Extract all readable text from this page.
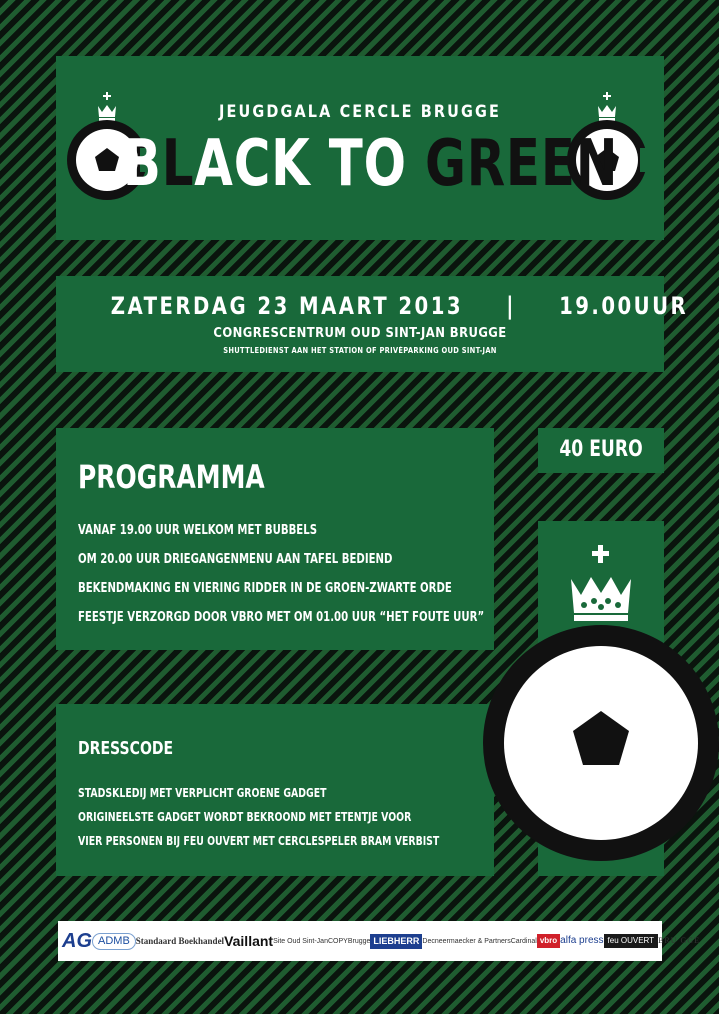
JEUGDGALA CERCLE BRUGGE
BLACK TO GREEN
ZATERDAG 23 MAART 2013 | 19.00UUR
CONGRESCENTRUM OUD SINT-JAN BRUGGE
SHUTTLEDIENST AAN HET STATION OF PRIVÉPARKING OUD SINT-JAN
40 EURO
PROGRAMMA
VANAF 19.00 UUR WELKOM MET BUBBELS
OM 20.00 UUR DRIEGANGENMENU AAN TAFEL BEDIEND
BEKENDMAKING EN VIERING RIDDER IN DE GROEN-ZWARTE ORDE
FEESTJE VERZORGD DOOR VBRO MET OM 01.00 UUR “HET FOUTE UUR”
DRESSCODE
STADSKLEDIJ MET VERPLICHT GROENE GADGET
ORIGINEELSTE GADGET WORDT BEKROOND MET ETENTJE VOOR
VIER PERSONEN BIJ FEU OUVERT MET CERCLESPELER BRAM VERBIST
AG ADMB Standaard Boekhandel Vaillant Site Oud Sint-Jan COPY Brugge LIEBHERR Decneermaecker & Partners Cardinal vbro alfa press feu OUVERT BRU GGE
